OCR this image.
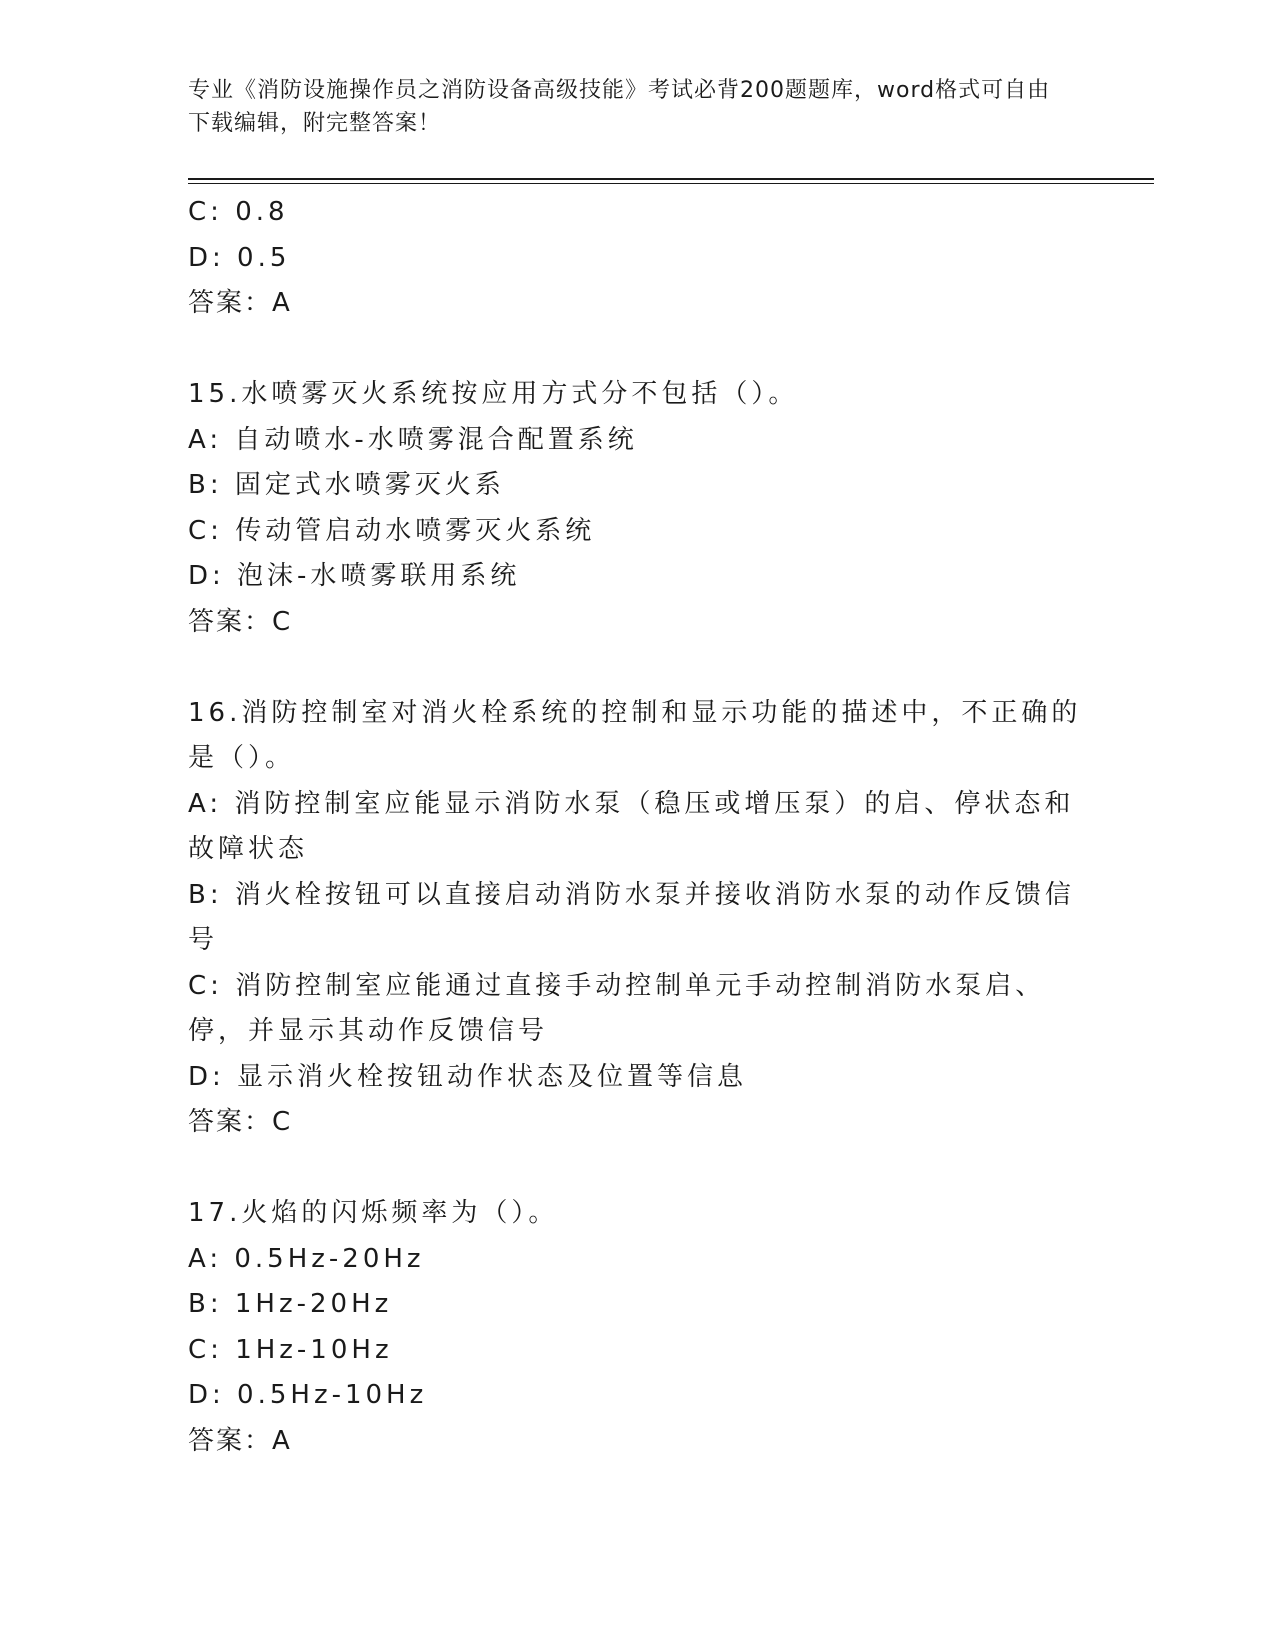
专业《消防设施操作员之消防设备高级技能》考试必背200题题库，word格式可自由下载编辑，附完整答案！
C: 0.8
D: 0.5
答案：A
15.水喷雾灭火系统按应用方式分不包括（）。
A: 自动喷水-水喷雾混合配置系统
B: 固定式水喷雾灭火系
C: 传动管启动水喷雾灭火系统
D: 泡沫-水喷雾联用系统
答案：C
16.消防控制室对消火栓系统的控制和显示功能的描述中，不正确的是（）。
A: 消防控制室应能显示消防水泵（稳压或增压泵）的启、停状态和故障状态
B: 消火栓按钮可以直接启动消防水泵并接收消防水泵的动作反馈信号
C: 消防控制室应能通过直接手动控制单元手动控制消防水泵启、停，并显示其动作反馈信号
D: 显示消火栓按钮动作状态及位置等信息
答案：C
17.火焰的闪烁频率为（）。
A: 0.5Hz-20Hz
B: 1Hz-20Hz
C: 1Hz-10Hz
D: 0.5Hz-10Hz
答案：A
